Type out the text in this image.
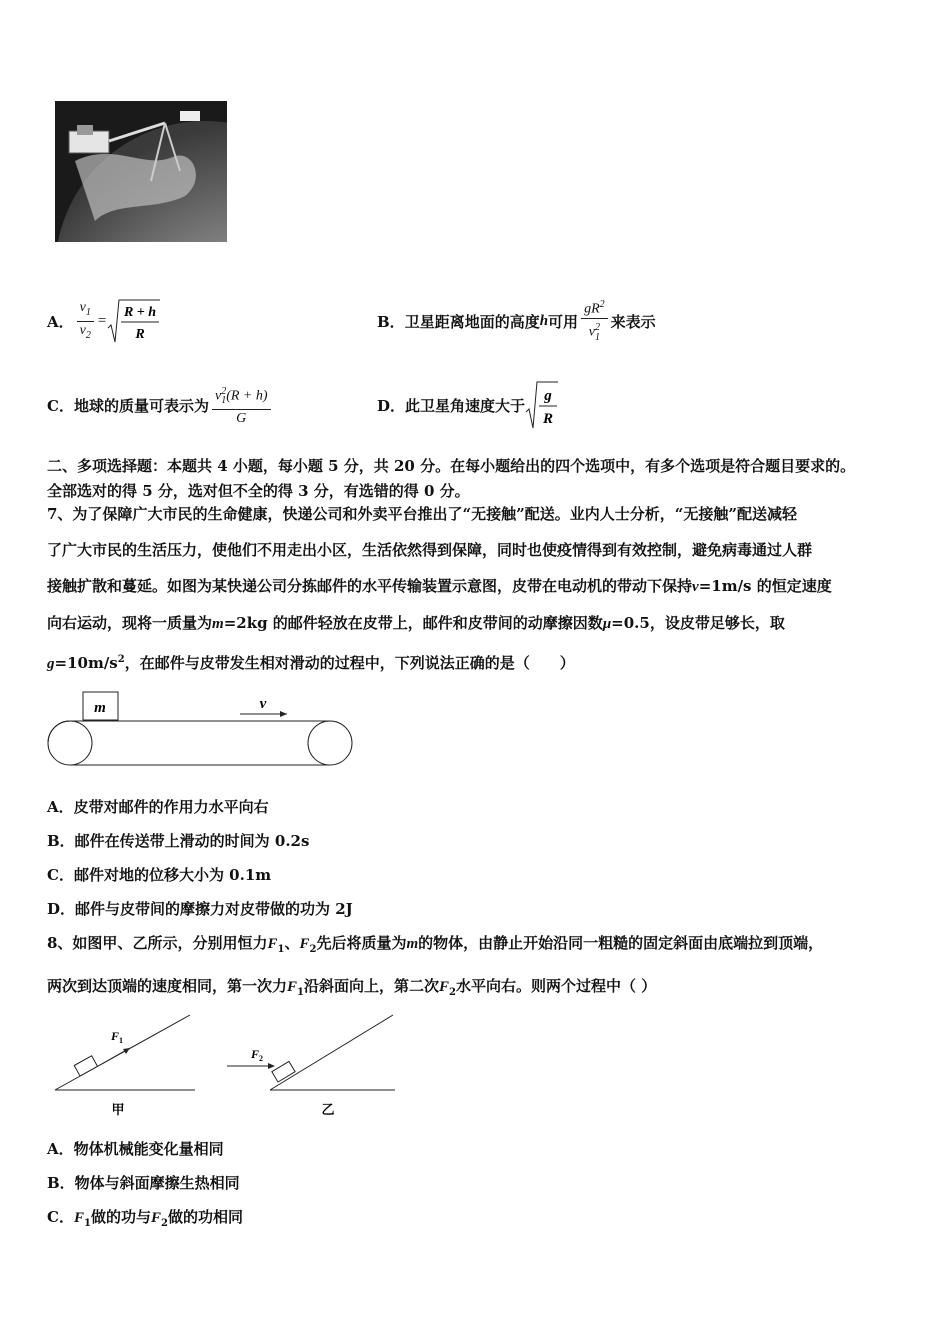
A． $\frac{v_1}{v_2} = R + h$
R
B． 卫星距离地面的高度 h 可用 $\frac{gR^2}{v^2_1}$ 来表示
C． 地球的质量可表示为 $\frac{v^2_1(R + h)}{G}$	D． 此卫星角速度大于
g
R
二、多项选择题：本题共 4 小题，每小题 5 分，共 20 分。在每小题给出的四个选项中，有多个选项是符合题目要求的。
全部选对的得 5 分，选对但不全的得 3 分，有选错的得 0 分。
7、为了保障广大市民的生命健康，快递公司和外卖平台推出了“无接触”配送。业内人士分析，“无接触”配送减轻
了广大市民的生活压力，使他们不用走出小区，生活依然得到保障，同时也使疫情得到有效控制，避免病毒通过人群
接触扩散和蔓延。如图为某快递公司分拣邮件的水平传输装置示意图，皮带在电动机的带动下保持v=1m/s 的恒定速度
向右运动，现将一质量为m=2kg 的邮件轻放在皮带上，邮件和皮带间的动摩擦因数μ=0.5，设皮带足够长，取
$g=10m/s^2$，在邮件与皮带发生相对滑动的过程中，下列说法正确的是（　　）
m	v
A．皮带对邮件的作用力水平向右
B．邮件在传送带上滑动的时间为 0.2s
C．邮件对地的位移大小为 0.1m
D．邮件与皮带间的摩擦力对皮带做的功为 2J
8、如图甲、乙所示，分别用恒力$F_1$、$F_2$先后将质量为m的物体，由静止开始沿同一粗糙的固定斜面由底端拉到顶端，
两次到达顶端的速度相同，第一次力$F_1$沿斜面向上，第二次$F_2$水平向右。则两个过程中（ ）
F 1
甲
F 2
乙
A．物体机械能变化量相同
B．物体与斜面摩擦生热相同
C．$F_1$做的功与$F_2$做的功相同
